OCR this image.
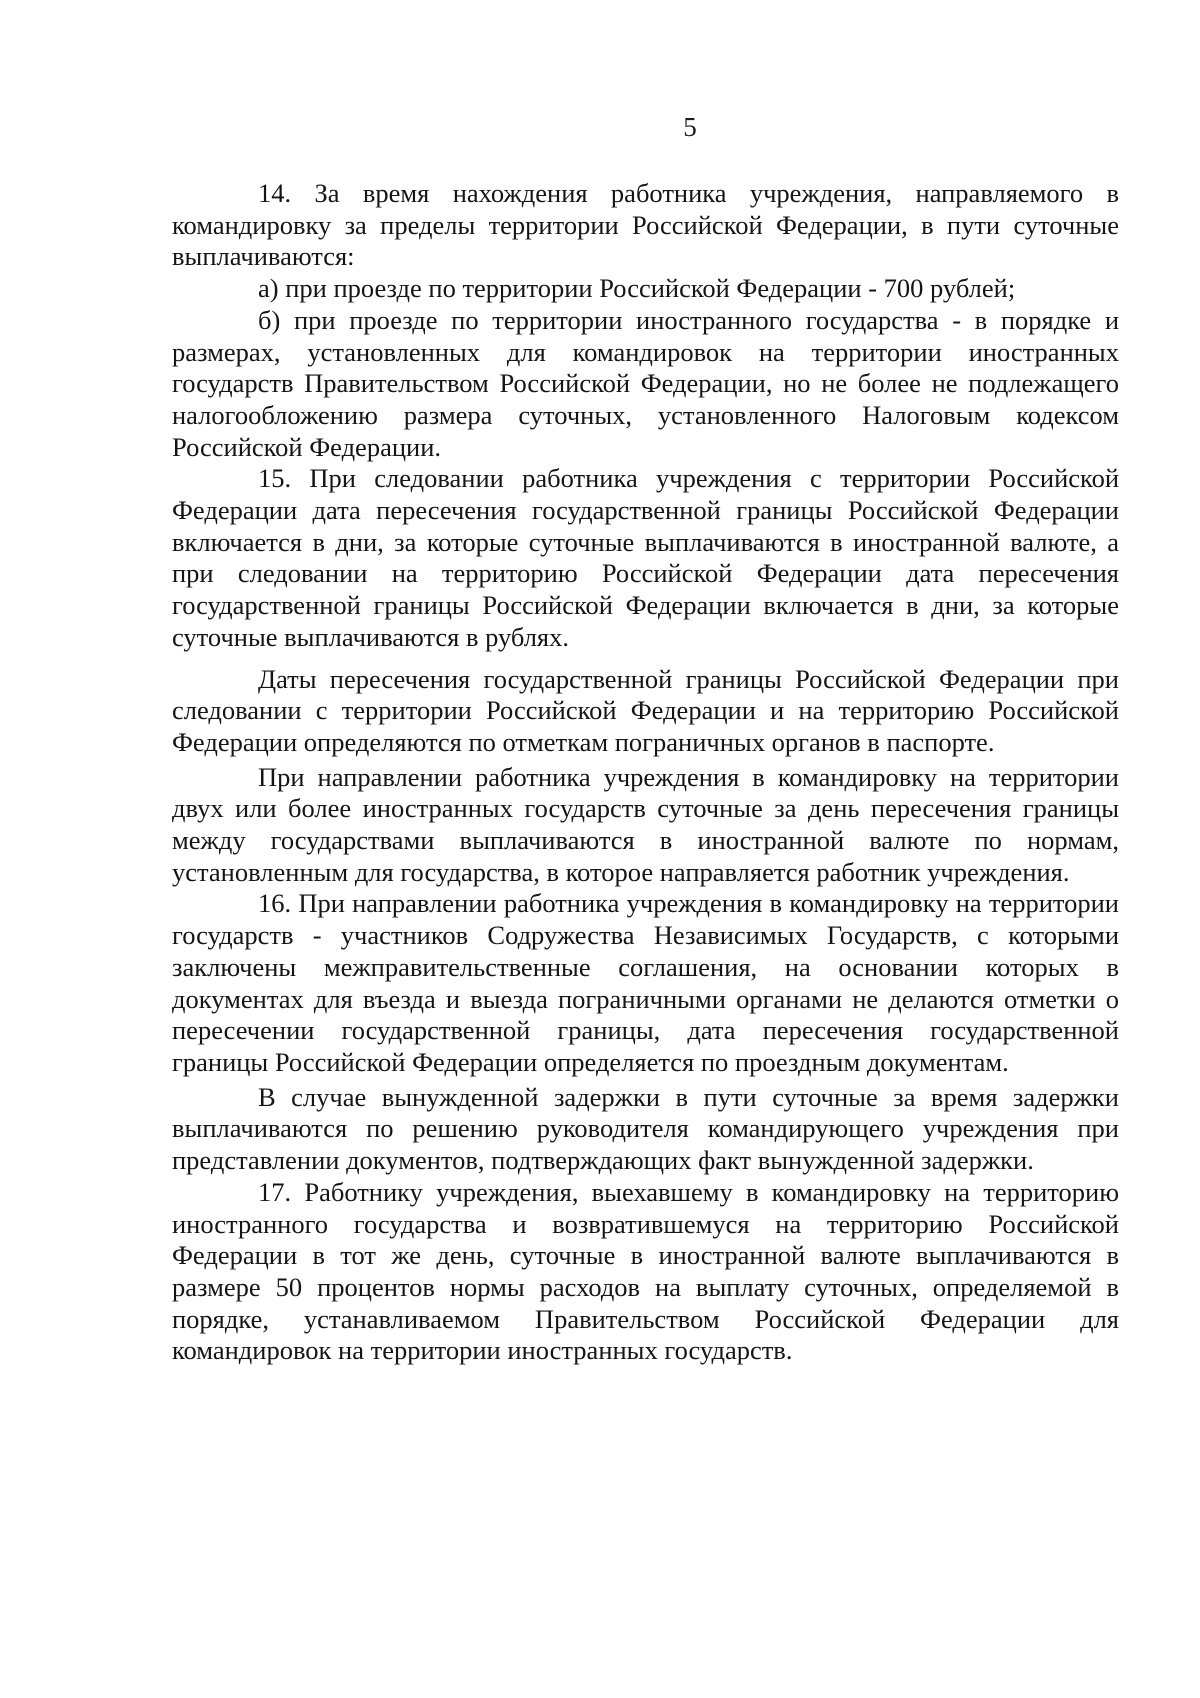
5

14. За время нахождения работника учреждения, направляемого в командировку за пределы территории Российской Федерации, в пути суточные выплачиваются:

а) при проезде по территории Российской Федерации - 700 рублей;

б) при проезде по территории иностранного государства - в порядке и размерах, установленных для командировок на территории иностранных государств Правительством Российской Федерации, но не более не подлежащего налогообложению размера суточных, установленного Налоговым кодексом Российской Федерации.

15. При следовании работника учреждения с территории Российской Федерации дата пересечения государственной границы Российской Федерации включается в дни, за которые суточные выплачиваются в иностранной валюте, а при следовании на территорию Российской Федерации дата пересечения государственной границы Российской Федерации включается в дни, за которые суточные выплачиваются в рублях.

Даты пересечения государственной границы Российской Федерации при следовании с территории Российской Федерации и на территорию Российской Федерации определяются по отметкам пограничных органов в паспорте.

При направлении работника учреждения в командировку на территории двух или более иностранных государств суточные за день пересечения границы между государствами выплачиваются в иностранной валюте по нормам, установленным для государства, в которое направляется работник учреждения.

16. При направлении работника учреждения в командировку на территории государств - участников Содружества Независимых Государств, с которыми заключены межправительственные соглашения, на основании которых в документах для въезда и выезда пограничными органами не делаются отметки о пересечении государственной границы, дата пересечения государственной границы Российской Федерации определяется по проездным документам.

В случае вынужденной задержки в пути суточные за время задержки выплачиваются по решению руководителя командирующего учреждения при представлении документов, подтверждающих факт вынужденной задержки.

17. Работнику учреждения, выехавшему в командировку на территорию иностранного государства и возвратившемуся на территорию Российской Федерации в тот же день, суточные в иностранной валюте выплачиваются в размере 50 процентов нормы расходов на выплату суточных, определяемой в порядке, устанавливаемом Правительством Российской Федерации для командировок на территории иностранных государств.
